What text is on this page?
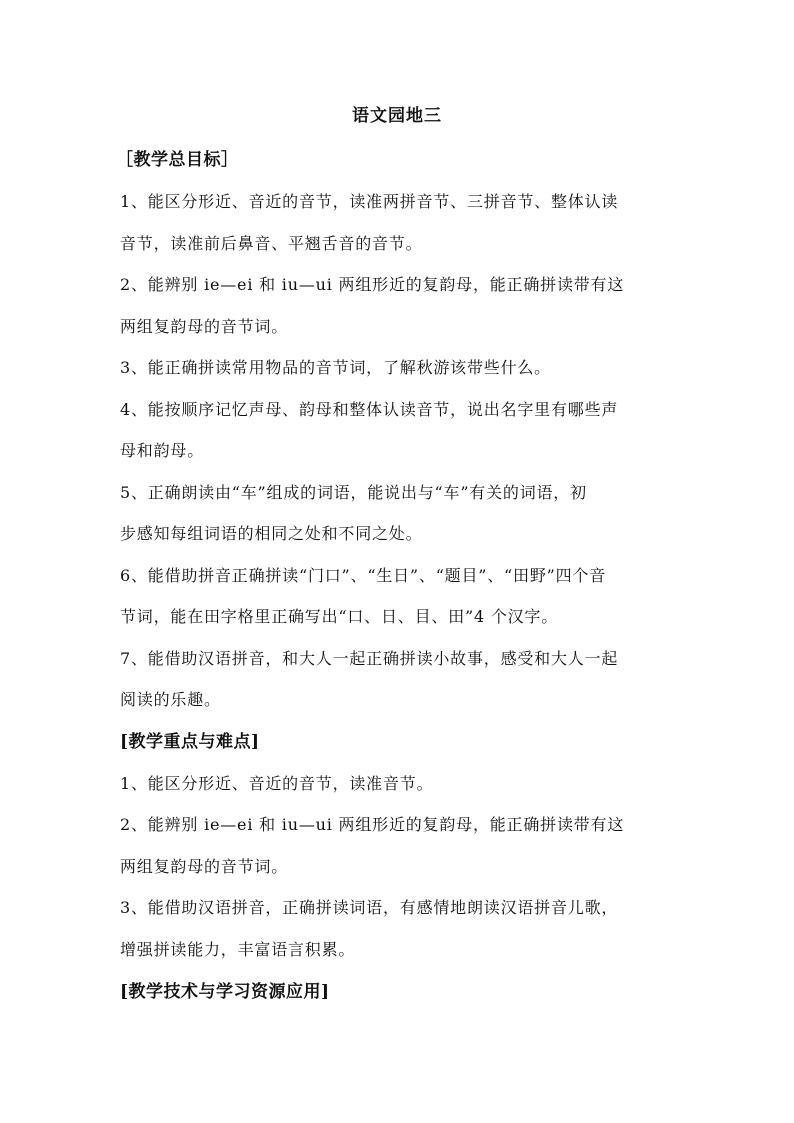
语文园地三
［教学总目标］
1、能区分形近、音近的音节，读准两拼音节、三拼音节、整体认读
音节，读准前后鼻音、平翘舌音的音节。
2、能辨别 ie—ei 和 iu—ui 两组形近的复韵母，能正确拼读带有这
两组复韵母的音节词。
3、能正确拼读常用物品的音节词，了解秋游该带些什么。
4、能按顺序记忆声母、韵母和整体认读音节，说出名字里有哪些声
母和韵母。
5、正确朗读由“车”组成的词语，能说出与“车”有关的词语，初
步感知每组词语的相同之处和不同之处。
6、能借助拼音正确拼读“门口”、“生日”、“题目”、“田野”四个音
节词，能在田字格里正确写出“口、日、目、田”4 个汉字。
7、能借助汉语拼音，和大人一起正确拼读小故事，感受和大人一起
阅读的乐趣。
[教学重点与难点]
1、能区分形近、音近的音节，读准音节。
2、能辨别 ie—ei 和 iu—ui 两组形近的复韵母，能正确拼读带有这
两组复韵母的音节词。
3、能借助汉语拼音，正确拼读词语，有感情地朗读汉语拼音儿歌，
增强拼读能力，丰富语言积累。
[教学技术与学习资源应用]
